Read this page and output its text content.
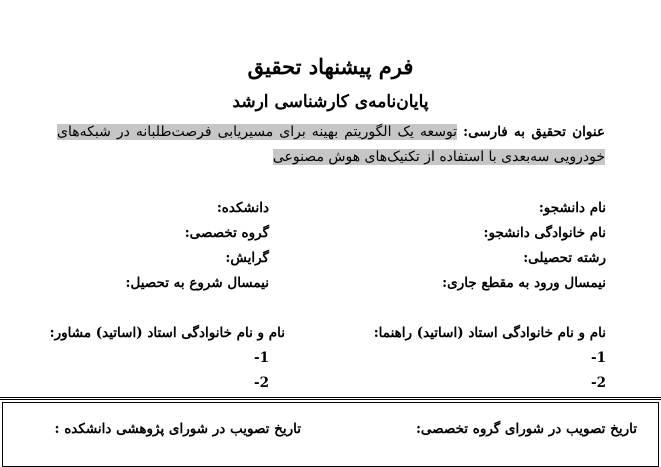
فرم پیشنهاد تحقیق
پایان‌نامه‌ی کارشناسی ارشد
عنوان تحقیق به فارسی: توسعه یک الگوریتم بهینه برای مسیریابی فرصت‌طلبانه در شبکه‌های خودرویی سه‌بعدی با استفاده از تکنیک‌های هوش مصنوعی
نام دانشجو:
نام خانوادگی دانشجو:
رشته تحصیلی:
نیمسال ورود به مقطع جاری:
دانشکده:
گروه تخصصی:
گرایش:
نیمسال شروع به تحصیل:
نام و نام خانوادگی استاد (اساتید) راهنما:
نام و نام خانوادگی استاد (اساتید) مشاور:
1-
2-
1-
2-
تاریخ تصویب در شورای گروه تخصصی:
تاریخ تصویب در شورای پژوهشی دانشکده :
